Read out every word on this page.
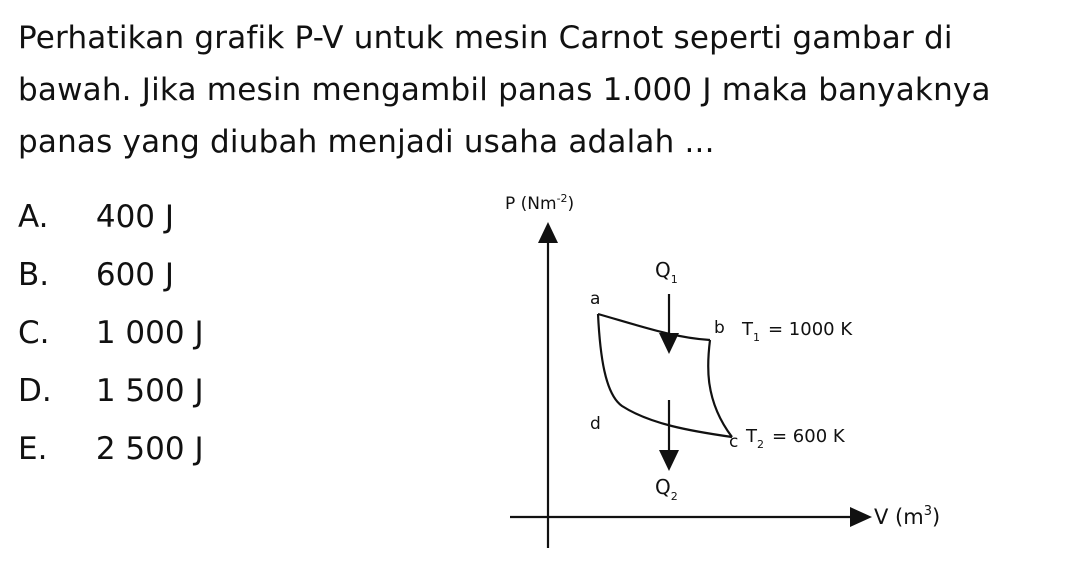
Perhatikan grafik P-V untuk mesin Carnot seperti gambar di
bawah. Jika mesin mengambil panas 1.000 J maka banyaknya
panas yang diubah menjadi usaha adalah ...
A. 400 J
B. 600 J
C. 1 000 J
D. 1 500 J
E. 2 500 J
P $(Nm^{-2})$
V $(m^3)$
a
b
c
d
$Q_1$
$Q_2$
$T_1 = 1000$ K
$T_2 = 600$ K
